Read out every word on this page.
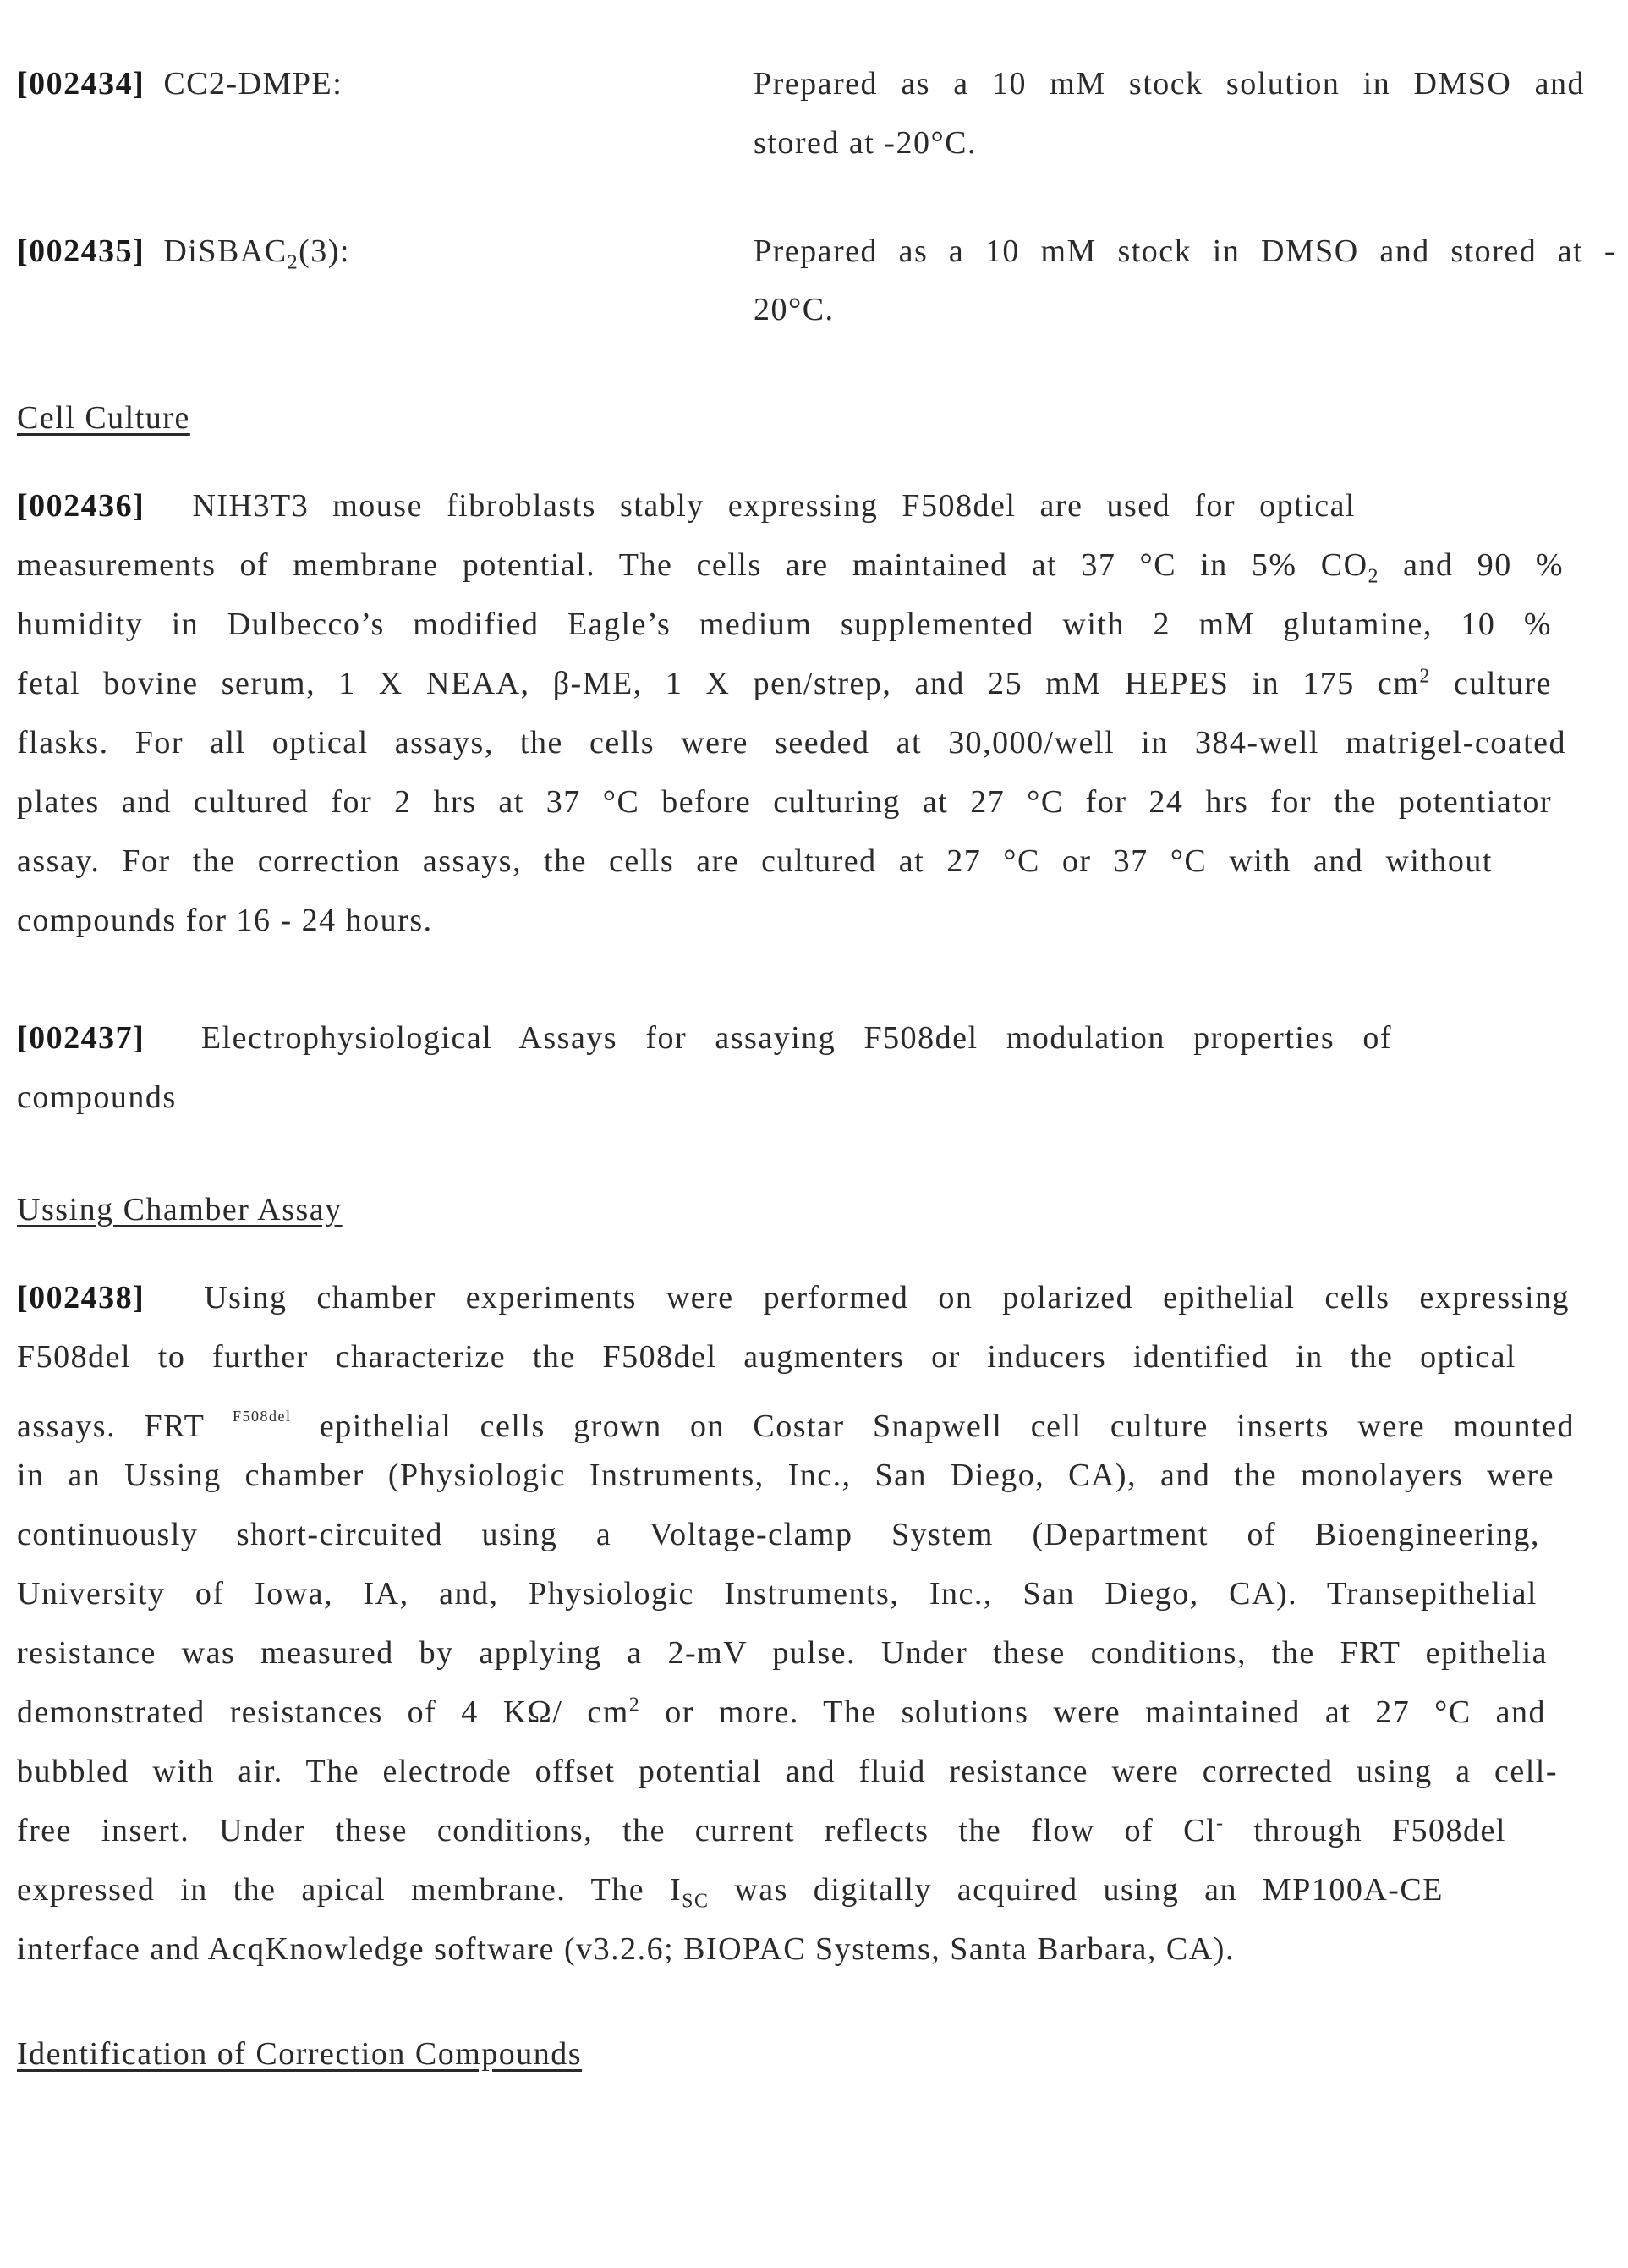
[002434] CC2-DMPE:	Prepared as a 10 mM stock solution in DMSO and
stored at -20°C.
[002435] DiSBAC2(3):	Prepared as a 10 mM stock in DMSO and stored at -
20°C.
Cell Culture
[002436] NIH3T3 mouse fibroblasts stably expressing F508del are used for optical
measurements of membrane potential. The cells are maintained at 37 °C in 5% CO2 and 90 %
humidity in Dulbecco’s modified Eagle’s medium supplemented with 2 mM glutamine, 10 %
fetal bovine serum, 1 X NEAA, β-ME, 1 X pen/strep, and 25 mM HEPES in 175 cm2 culture
flasks. For all optical assays, the cells were seeded at 30,000/well in 384-well matrigel-coated
plates and cultured for 2 hrs at 37 °C before culturing at 27 °C for 24 hrs for the potentiator
assay. For the correction assays, the cells are cultured at 27 °C or 37 °C with and without
compounds for 16 - 24 hours.
[002437] Electrophysiological Assays for assaying F508del modulation properties of
compounds
Ussing Chamber Assay
[002438] Using chamber experiments were performed on polarized epithelial cells expressing
F508del to further characterize the F508del augmenters or inducers identified in the optical
assays. FRT F508del epithelial cells grown on Costar Snapwell cell culture inserts were mounted
in an Ussing chamber (Physiologic Instruments, Inc., San Diego, CA), and the monolayers were
continuously short-circuited using a Voltage-clamp System (Department of Bioengineering,
University of Iowa, IA, and, Physiologic Instruments, Inc., San Diego, CA). Transepithelial
resistance was measured by applying a 2-mV pulse. Under these conditions, the FRT epithelia
demonstrated resistances of 4 KΩ/ cm2 or more. The solutions were maintained at 27 °C and
bubbled with air. The electrode offset potential and fluid resistance were corrected using a cell-
free insert. Under these conditions, the current reflects the flow of Cl- through F508del
expressed in the apical membrane. The ISC was digitally acquired using an MP100A-CE
interface and AcqKnowledge software (v3.2.6; BIOPAC Systems, Santa Barbara, CA).
Identification of Correction Compounds
